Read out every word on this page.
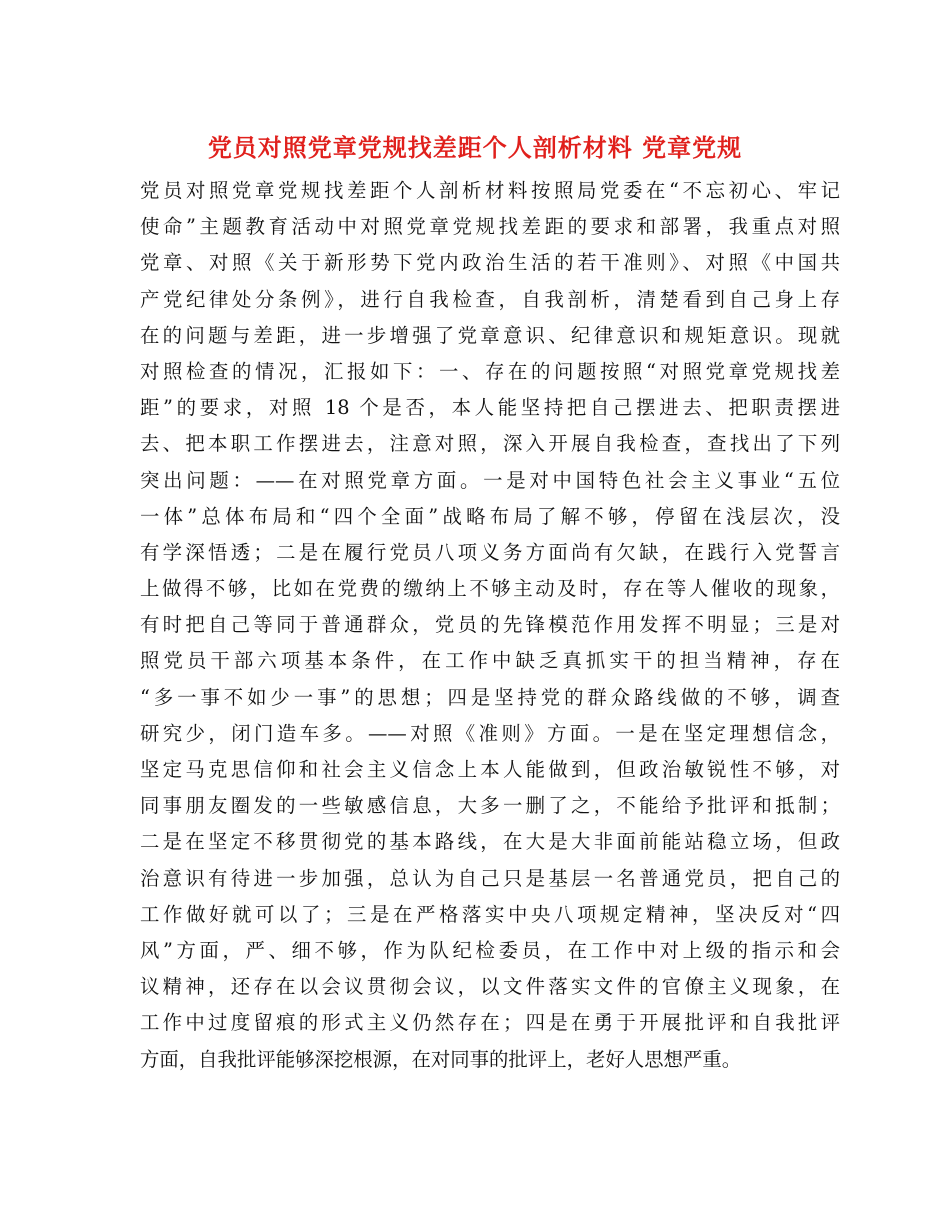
党员对照党章党规找差距个人剖析材料 党章党规
党员对照党章党规找差距个人剖析材料按照局党委在“不忘初心、牢记
使命”主题教育活动中对照党章党规找差距的要求和部署，我重点对照
党章、对照《关于新形势下党内政治生活的若干准则》、对照《中国共
产党纪律处分条例》，进行自我检查，自我剖析，清楚看到自己身上存
在的问题与差距，进一步增强了党章意识、纪律意识和规矩意识。现就
对照检查的情况，汇报如下：一、存在的问题按照“对照党章党规找差
距”的要求，对照 18 个是否，本人能坚持把自己摆进去、把职责摆进
去、把本职工作摆进去，注意对照，深入开展自我检查，查找出了下列
突出问题：——在对照党章方面。一是对中国特色社会主义事业“五位
一体”总体布局和“四个全面”战略布局了解不够，停留在浅层次，没
有学深悟透；二是在履行党员八项义务方面尚有欠缺，在践行入党誓言
上做得不够，比如在党费的缴纳上不够主动及时，存在等人催收的现象，
有时把自己等同于普通群众，党员的先锋模范作用发挥不明显；三是对
照党员干部六项基本条件，在工作中缺乏真抓实干的担当精神，存在
“多一事不如少一事”的思想；四是坚持党的群众路线做的不够，调查
研究少，闭门造车多。——对照《准则》方面。一是在坚定理想信念，
坚定马克思信仰和社会主义信念上本人能做到，但政治敏锐性不够，对
同事朋友圈发的一些敏感信息，大多一删了之，不能给予批评和抵制；
二是在坚定不移贯彻党的基本路线，在大是大非面前能站稳立场，但政
治意识有待进一步加强，总认为自己只是基层一名普通党员，把自己的
工作做好就可以了；三是在严格落实中央八项规定精神，坚决反对“四
风”方面，严、细不够，作为队纪检委员，在工作中对上级的指示和会
议精神，还存在以会议贯彻会议，以文件落实文件的官僚主义现象，在
工作中过度留痕的形式主义仍然存在；四是在勇于开展批评和自我批评
方面，自我批评能够深挖根源，在对同事的批评上，老好人思想严重。
